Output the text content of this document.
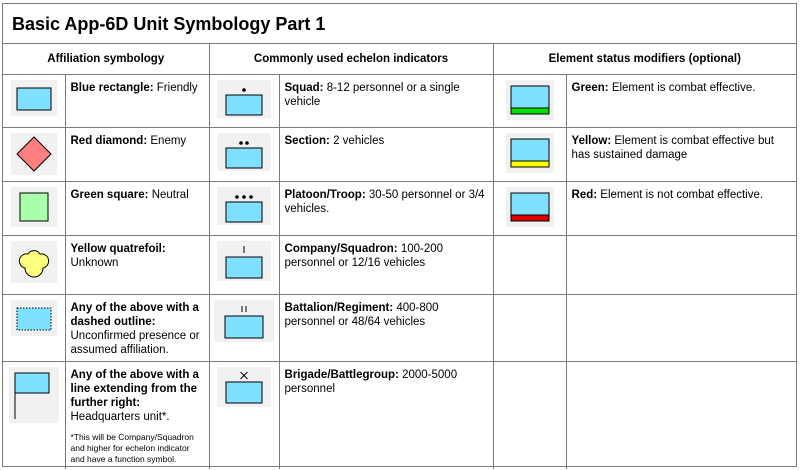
Basic App-6D Unit Symbology Part 1
Affiliation symbology		Commonly used echelon indicators		Element status modifiers (optional)	

	Blue rectangle: Friendly		Squad: 8-12 personnel or a single vehicle		Green: Element is combat effective.

	Red diamond: Enemy		Section: 2 vehicles		Yellow: Element is combat effective but has sustained damage

	Green square: Neutral		Platoon/Troop: 30-50 personnel or 3/4 vehicles.		Red: Element is not combat effective.

	Yellow quatrefoil: Unknown		Company/Squadron: 100-200 personnel or 12/16 vehicles		

	Any of the above with a dashed outline: Unconfirmed presence or assumed affiliation.		Battalion/Regiment: 400-800 personnel or 48/64 vehicles		

	Any of the above with a line extending from the further right:
Headquarters unit*.
*This will be Company/Squadron and higher for echelon indicator and have a function symbol.		Brigade/Battlegroup: 2000-5000 personnel		
